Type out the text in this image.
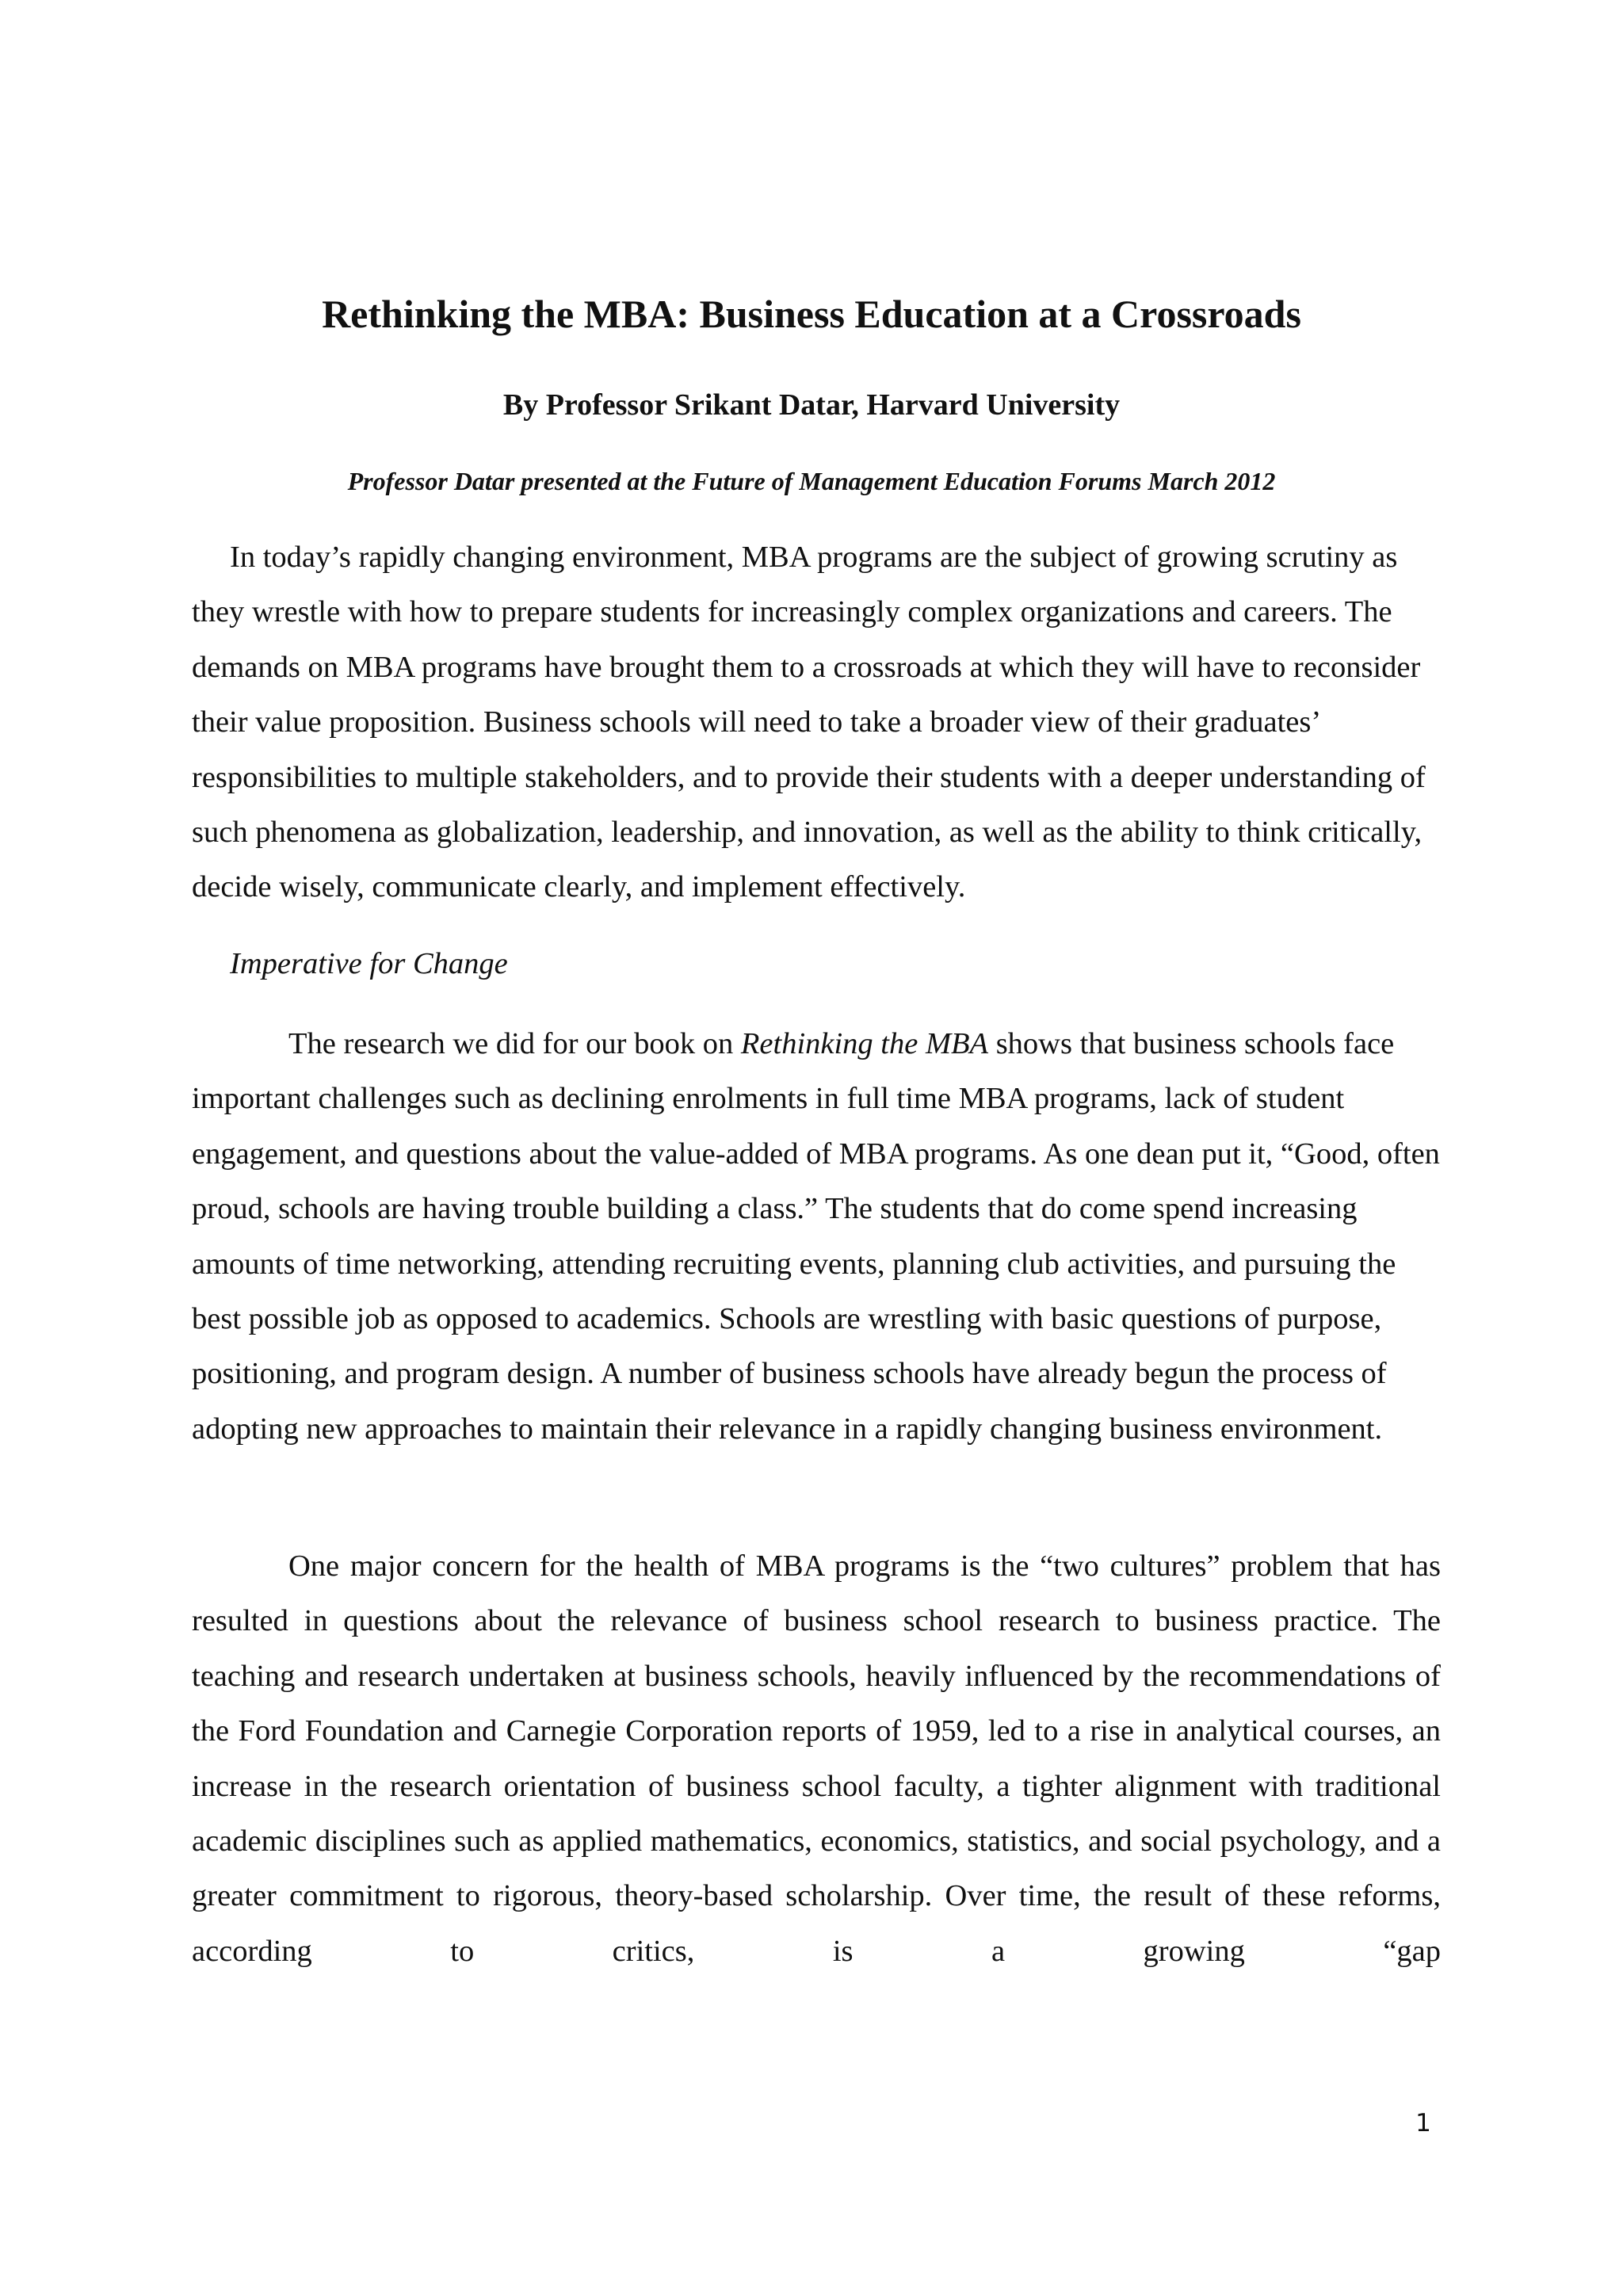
Rethinking the MBA: Business Education at a Crossroads

By Professor Srikant Datar, Harvard University

Professor Datar presented at the Future of Management Education Forums March 2012

In today’s rapidly changing environment, MBA programs are the subject of growing scrutiny as they wrestle with how to prepare students for increasingly complex organizations and careers. The demands on MBA programs have brought them to a crossroads at which they will have to reconsider their value proposition. Business schools will need to take a broader view of their graduates’ responsibilities to multiple stakeholders, and to provide their students with a deeper understanding of such phenomena as globalization, leadership, and innovation, as well as the ability to think critically, decide wisely, communicate clearly, and implement effectively.

Imperative for Change

The research we did for our book on Rethinking the MBA shows that business schools face important challenges such as declining enrolments in full time MBA programs, lack of student engagement, and questions about the value-added of MBA programs. As one dean put it, “Good, often proud, schools are having trouble building a class.” The students that do come spend increasing amounts of time networking, attending recruiting events, planning club activities, and pursuing the best possible job as opposed to academics. Schools are wrestling with basic questions of purpose, positioning, and program design. A number of business schools have already begun the process of adopting new approaches to maintain their relevance in a rapidly changing business environment.

One major concern for the health of MBA programs is the “two cultures” problem that has resulted in questions about the relevance of business school research to business practice. The teaching and research undertaken at business schools, heavily influenced by the recommendations of the Ford Foundation and Carnegie Corporation reports of 1959, led to a rise in analytical courses, an increase in the research orientation of business school faculty, a tighter alignment with traditional academic disciplines such as applied mathematics, economics, statistics, and social psychology, and a greater commitment to rigorous, theory-based scholarship. Over time, the result of these reforms, according to critics, is a growing “gap

1
